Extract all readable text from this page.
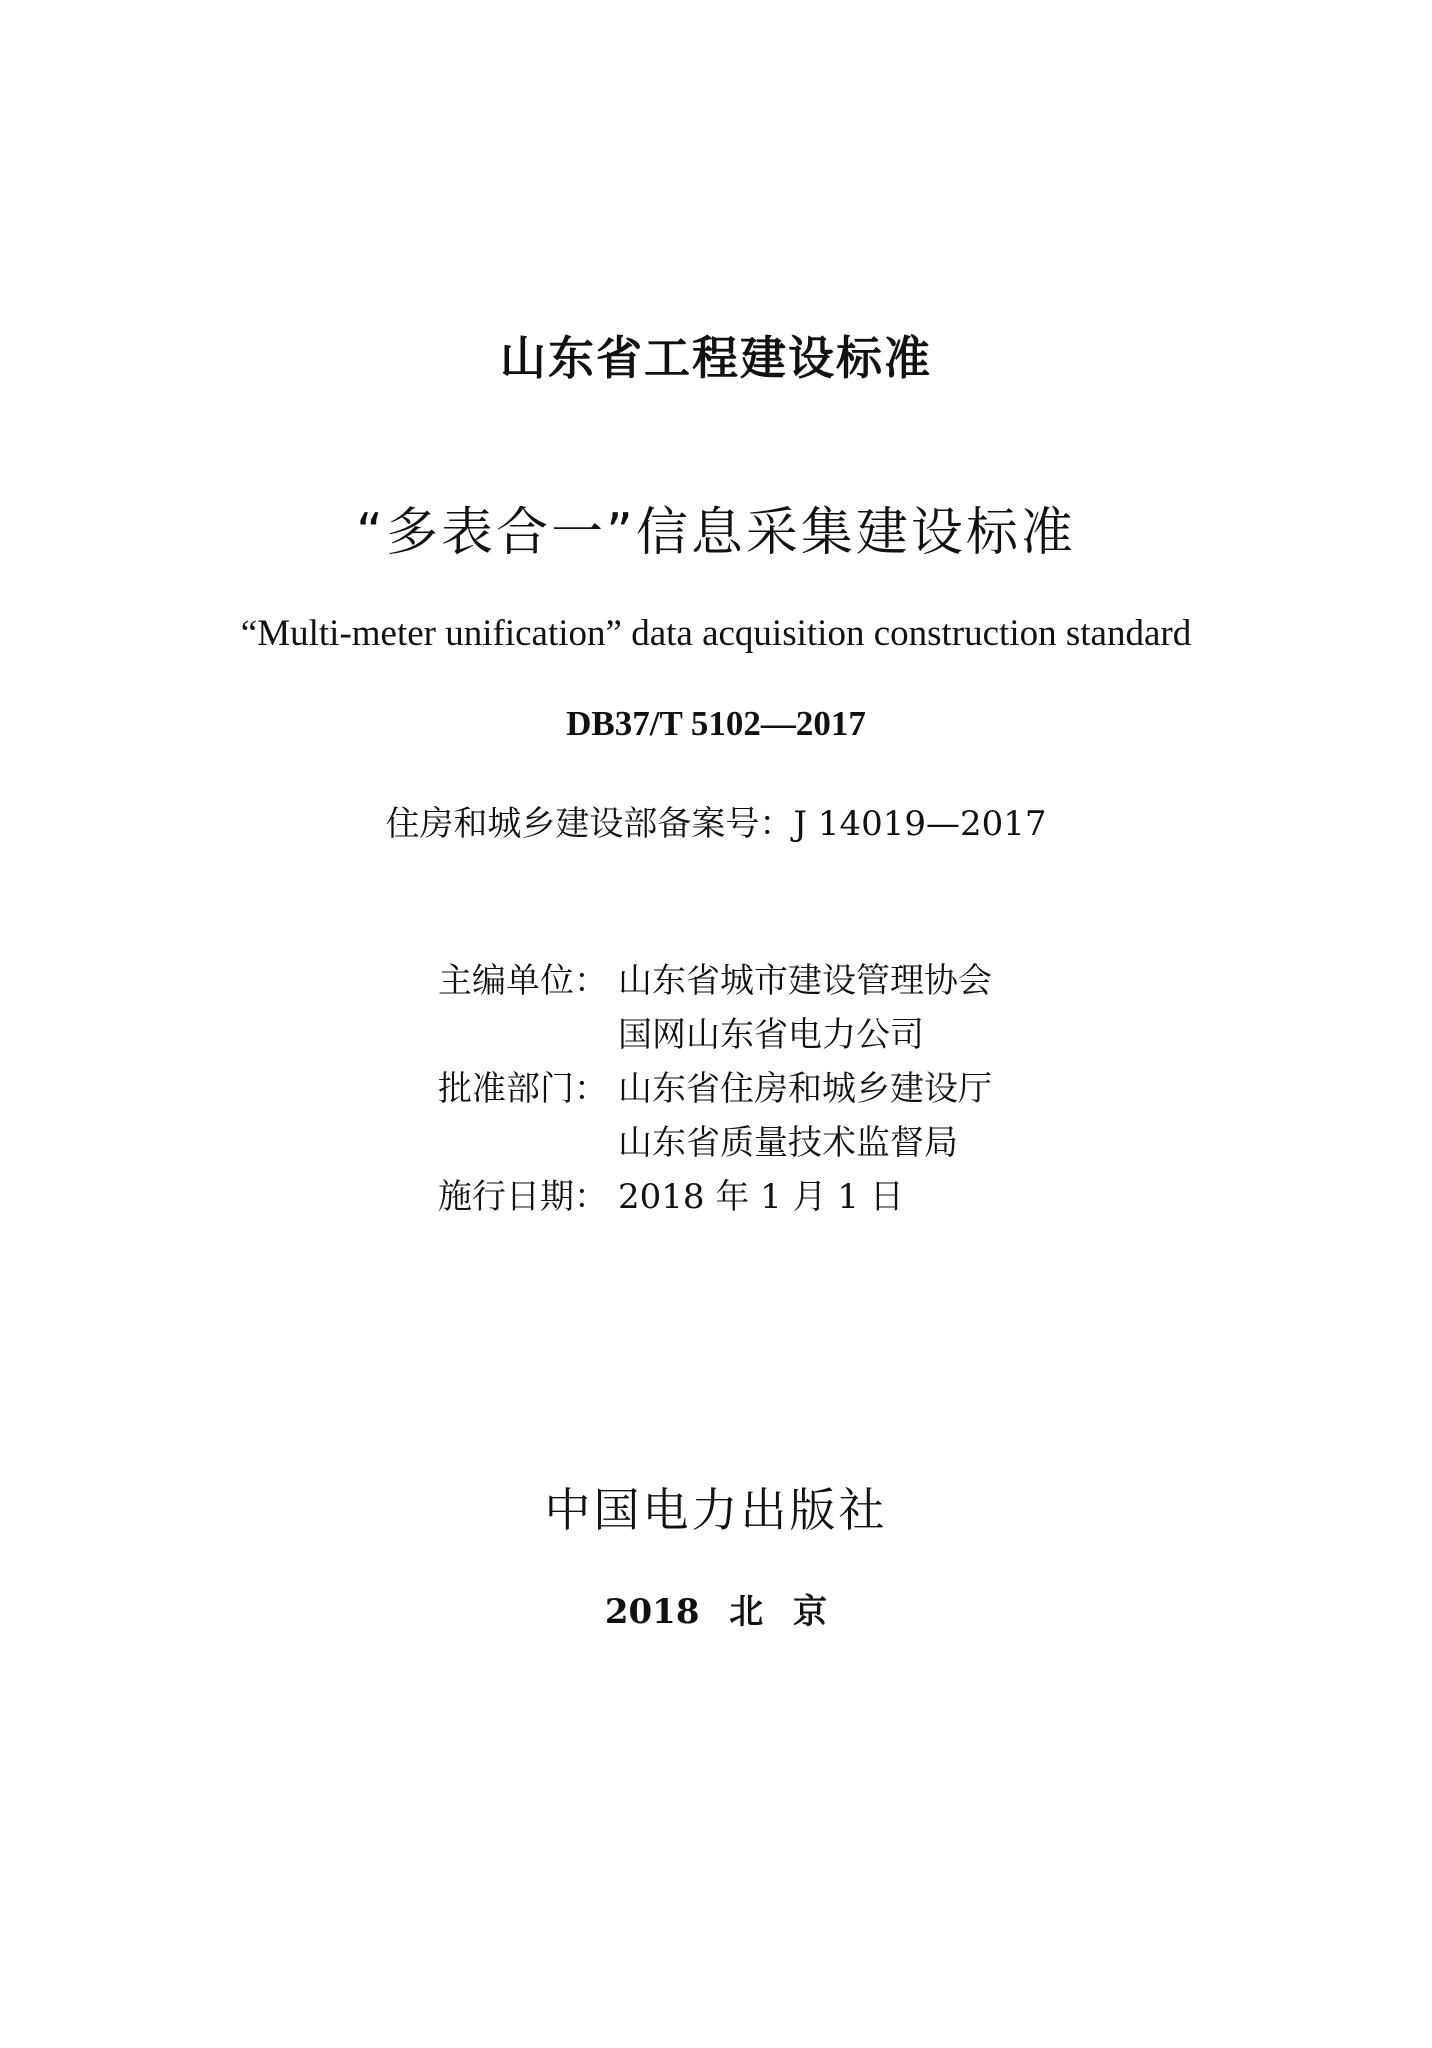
山东省工程建设标准
“多表合一”信息采集建设标准
“Multi-meter unification” data acquisition construction standard
DB37/T 5102—2017
住房和城乡建设部备案号：J 14019—2017
主编单位： 山东省城市建设管理协会
国网山东省电力公司
批准部门： 山东省住房和城乡建设厅
山东省质量技术监督局
施行日期： 2018 年 1 月 1 日
中国电力出版社
2018 北 京
